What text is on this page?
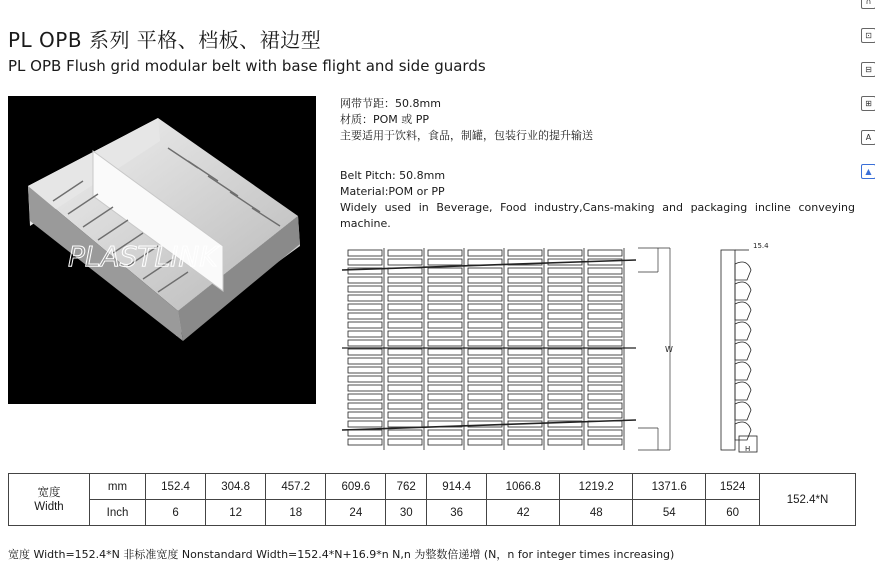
PL OPB 系列 平格、档板、裙边型
PL OPB Flush grid modular belt with base flight and side guards
PLASTLINK
网带节距：50.8mm
材质：POM 或 PP
主要适用于饮料，食品，制罐，包装行业的提升输送
Belt Pitch: 50.8mm
Material:POM or PP
Widely used in Beverage, Food industry,Cans-making and packaging incline conveying machine.
W
15.4
H
宽度
Width	mm	152.4	304.8	457.2	609.6	762	914.4	1066.8	1219.2	1371.6	1524	152.4*N
	Inch	6	12	18	24	30	36	42	48	54	60	
宽度 Width=152.4*N 非标准宽度 Nonstandard Width=152.4*N+16.9*n N,n 为整数倍递增 (N，n for integer times increasing)
∩
⊡
⊟
⊞
A
▲
